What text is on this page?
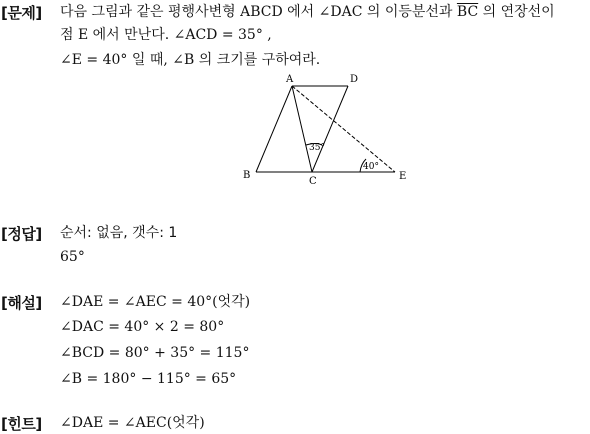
[문제] 다음 그림과 같은 평행사변형 ABCD 에서 ∠DAC 의 이등분선과 $\overline{BC}$ 의 연장선이
점 E 에서 만난다. ∠ACD = 35° ,
∠E = 40° 일 때, ∠B 의 크기를 구하여라.
A	D
B
C	E
35°
40°
[정답] 순서: 없음, 갯수: 1
65°
[해설] ∠DAE = ∠AEC = 40°(엇각)
∠DAC = 40° × 2 = 80°
∠BCD = 80° + 35° = 115°
∠B = 180° − 115° = 65°
[힌트] ∠DAE = ∠AEC(엇각)
